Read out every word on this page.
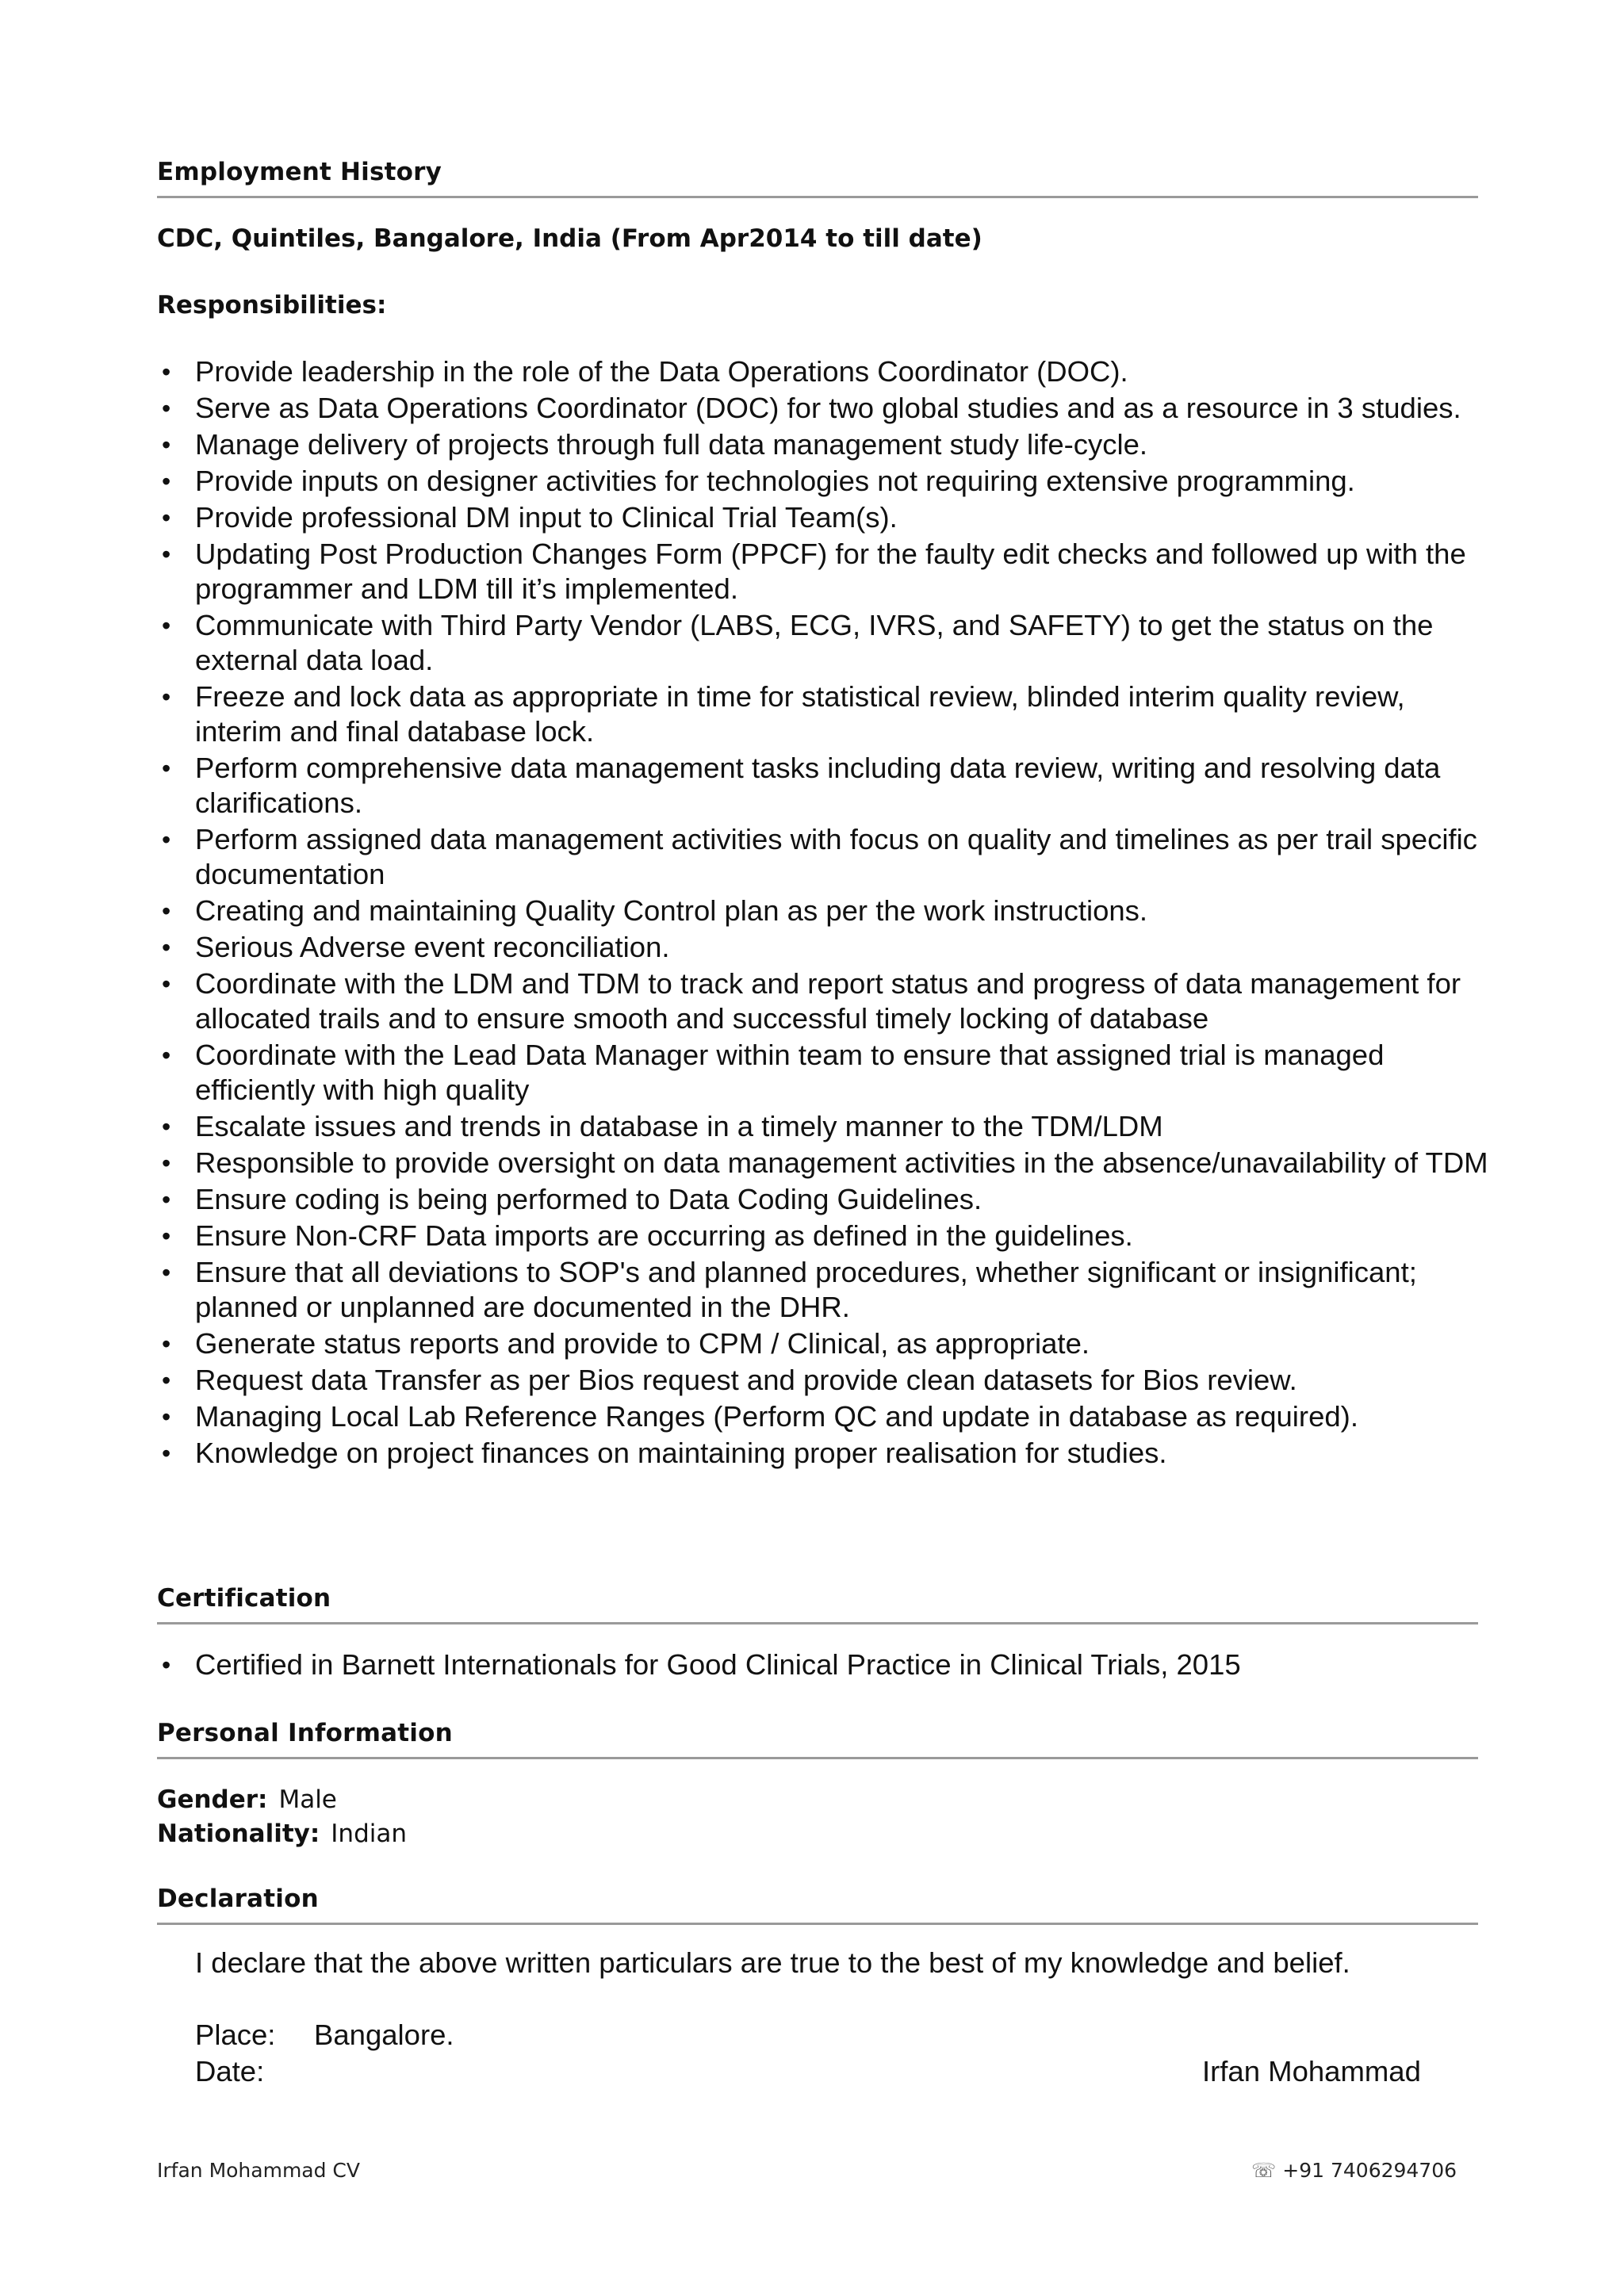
Employment History
CDC, Quintiles, Bangalore, India (From Apr2014 to till date)
Responsibilities:
• Provide leadership in the role of the Data Operations Coordinator (DOC).
• Serve as Data Operations Coordinator (DOC) for two global studies and as a resource in 3 studies.
• Manage delivery of projects through full data management study life-cycle.
• Provide inputs on designer activities for technologies not requiring extensive programming.
• Provide professional DM input to Clinical Trial Team(s).
• Updating Post Production Changes Form (PPCF) for the faulty edit checks and followed up with the programmer and LDM till it’s implemented.
• Communicate with Third Party Vendor (LABS, ECG, IVRS, and SAFETY) to get the status on the external data load.
• Freeze and lock data as appropriate in time for statistical review, blinded interim quality review, interim and final database lock.
• Perform comprehensive data management tasks including data review, writing and resolving data clarifications.
• Perform assigned data management activities with focus on quality and timelines as per trail specific documentation
• Creating and maintaining Quality Control plan as per the work instructions.
• Serious Adverse event reconciliation.
• Coordinate with the LDM and TDM to track and report status and progress of data management for allocated trails and to ensure smooth and successful timely locking of database
• Coordinate with the Lead Data Manager within team to ensure that assigned trial is managed efficiently with high quality
• Escalate issues and trends in database in a timely manner to the TDM/LDM
• Responsible to provide oversight on data management activities in the absence/unavailability of TDM
• Ensure coding is being performed to Data Coding Guidelines.
• Ensure Non-CRF Data imports are occurring as defined in the guidelines.
• Ensure that all deviations to SOP's and planned procedures, whether significant or insignificant; planned or unplanned are documented in the DHR.
• Generate status reports and provide to CPM / Clinical, as appropriate.
• Request data Transfer as per Bios request and provide clean datasets for Bios review.
• Managing Local Lab Reference Ranges (Perform QC and update in database as required).
• Knowledge on project finances on maintaining proper realisation for studies.
Certification
• Certified in Barnett Internationals for Good Clinical Practice in Clinical Trials, 2015
Personal Information
Gender: Male
Nationality: Indian
Declaration
I declare that the above written particulars are true to the best of my knowledge and belief.
Place: Bangalore.
Date:	Irfan Mohammad
Irfan Mohammad CV	☏ +91 7406294706
